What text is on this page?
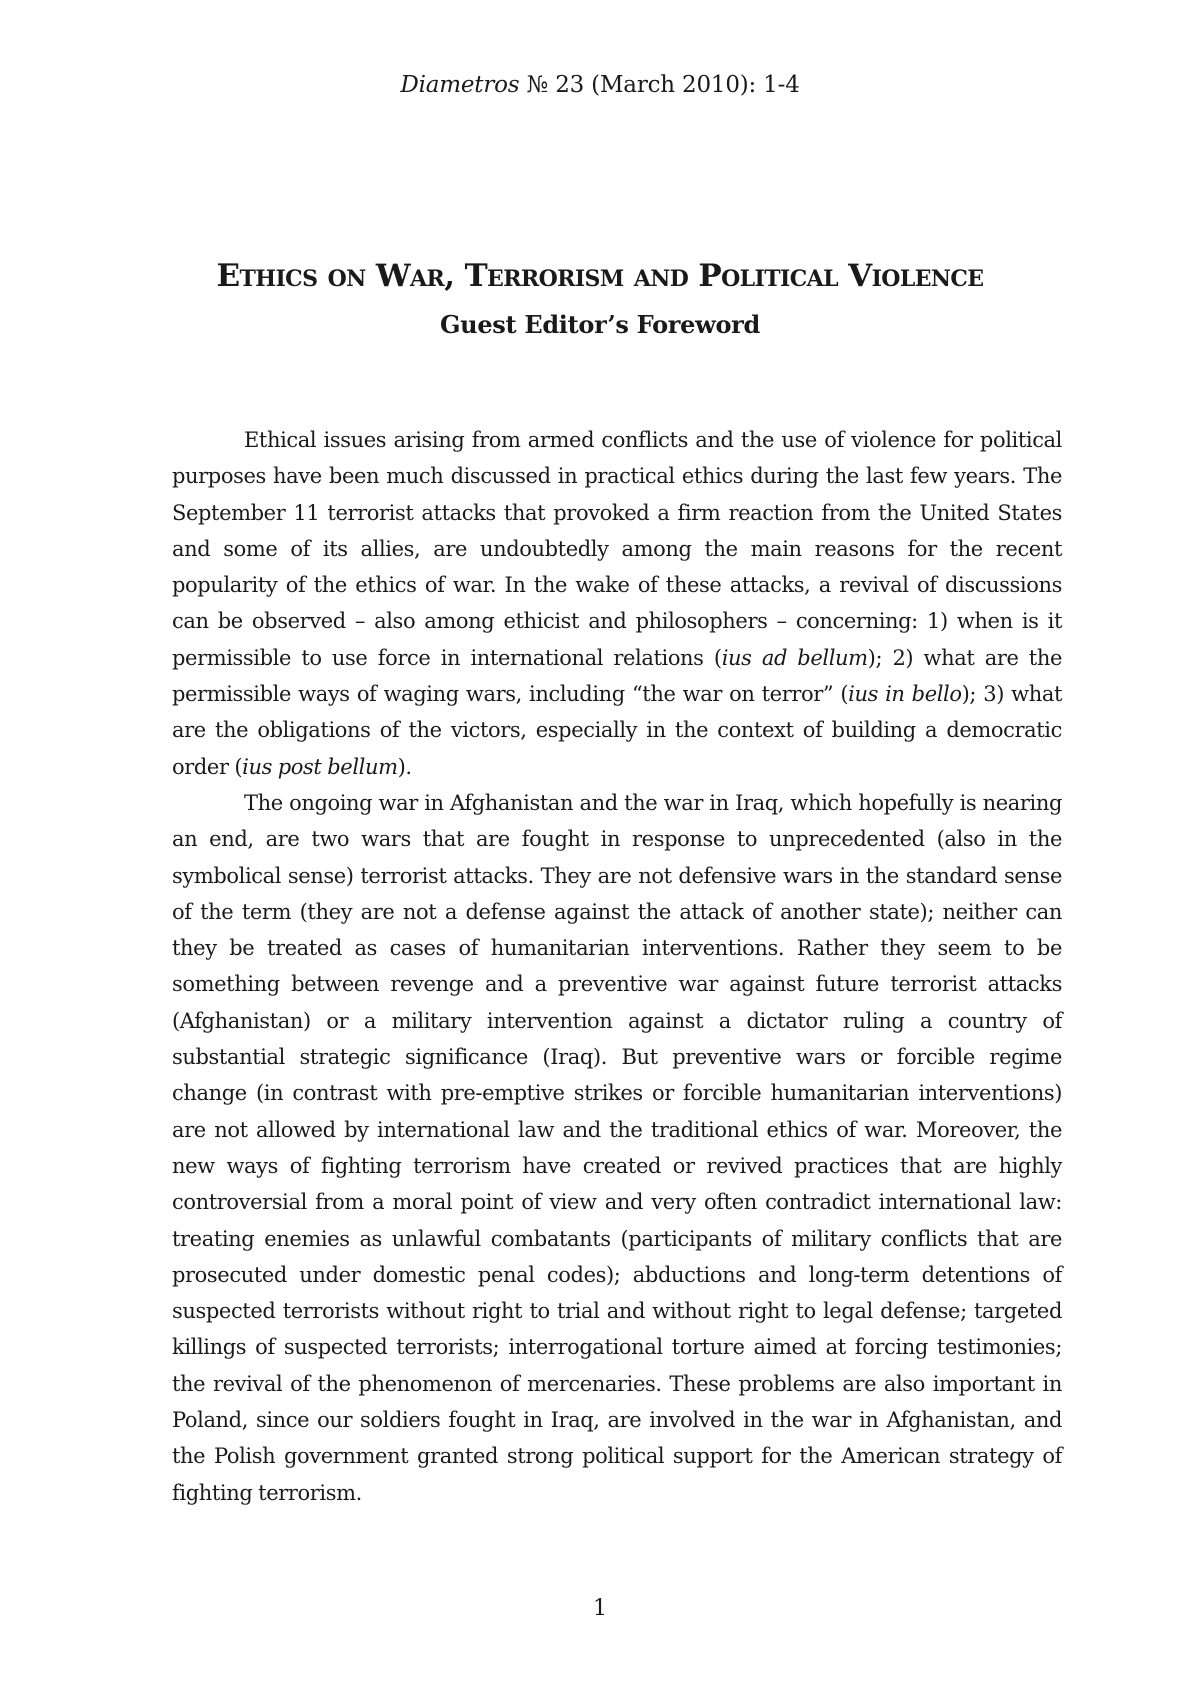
Diametros № 23 (March 2010): 1-4
Ethics on War, Terrorism and Political Violence
Guest Editor’s Foreword

Ethical issues arising from armed conflicts and the use of violence for political purposes have been much discussed in practical ethics during the last few years. The September 11 terrorist attacks that provoked a firm reaction from the United States and some of its allies, are undoubtedly among the main reasons for the recent popularity of the ethics of war. In the wake of these attacks, a revival of discussions can be observed – also among ethicist and philosophers – concerning: 1) when is it permissible to use force in international relations (ius ad bellum); 2) what are the permissible ways of waging wars, including “the war on terror” (ius in bello); 3) what are the obligations of the victors, especially in the context of building a democratic order (ius post bellum).

The ongoing war in Afghanistan and the war in Iraq, which hopefully is nearing an end, are two wars that are fought in response to unprecedented (also in the symbolical sense) terrorist attacks. They are not defensive wars in the standard sense of the term (they are not a defense against the attack of another state); neither can they be treated as cases of humanitarian interventions. Rather they seem to be something between revenge and a preventive war against future terrorist attacks (Afghanistan) or a military intervention against a dictator ruling a country of substantial strategic significance (Iraq). But preventive wars or forcible regime change (in contrast with pre-emptive strikes or forcible humanitarian interventions) are not allowed by international law and the traditional ethics of war. Moreover, the new ways of fighting terrorism have created or revived practices that are highly controversial from a moral point of view and very often contradict international law: treating enemies as unlawful combatants (participants of military conflicts that are prosecuted under domestic penal codes); abductions and long-term detentions of suspected terrorists without right to trial and without right to legal defense; targeted killings of suspected terrorists; interrogational torture aimed at forcing testimonies; the revival of the phenomenon of mercenaries. These problems are also important in Poland, since our soldiers fought in Iraq, are involved in the war in Afghanistan, and the Polish government granted strong political support for the American strategy of fighting terrorism.

1
